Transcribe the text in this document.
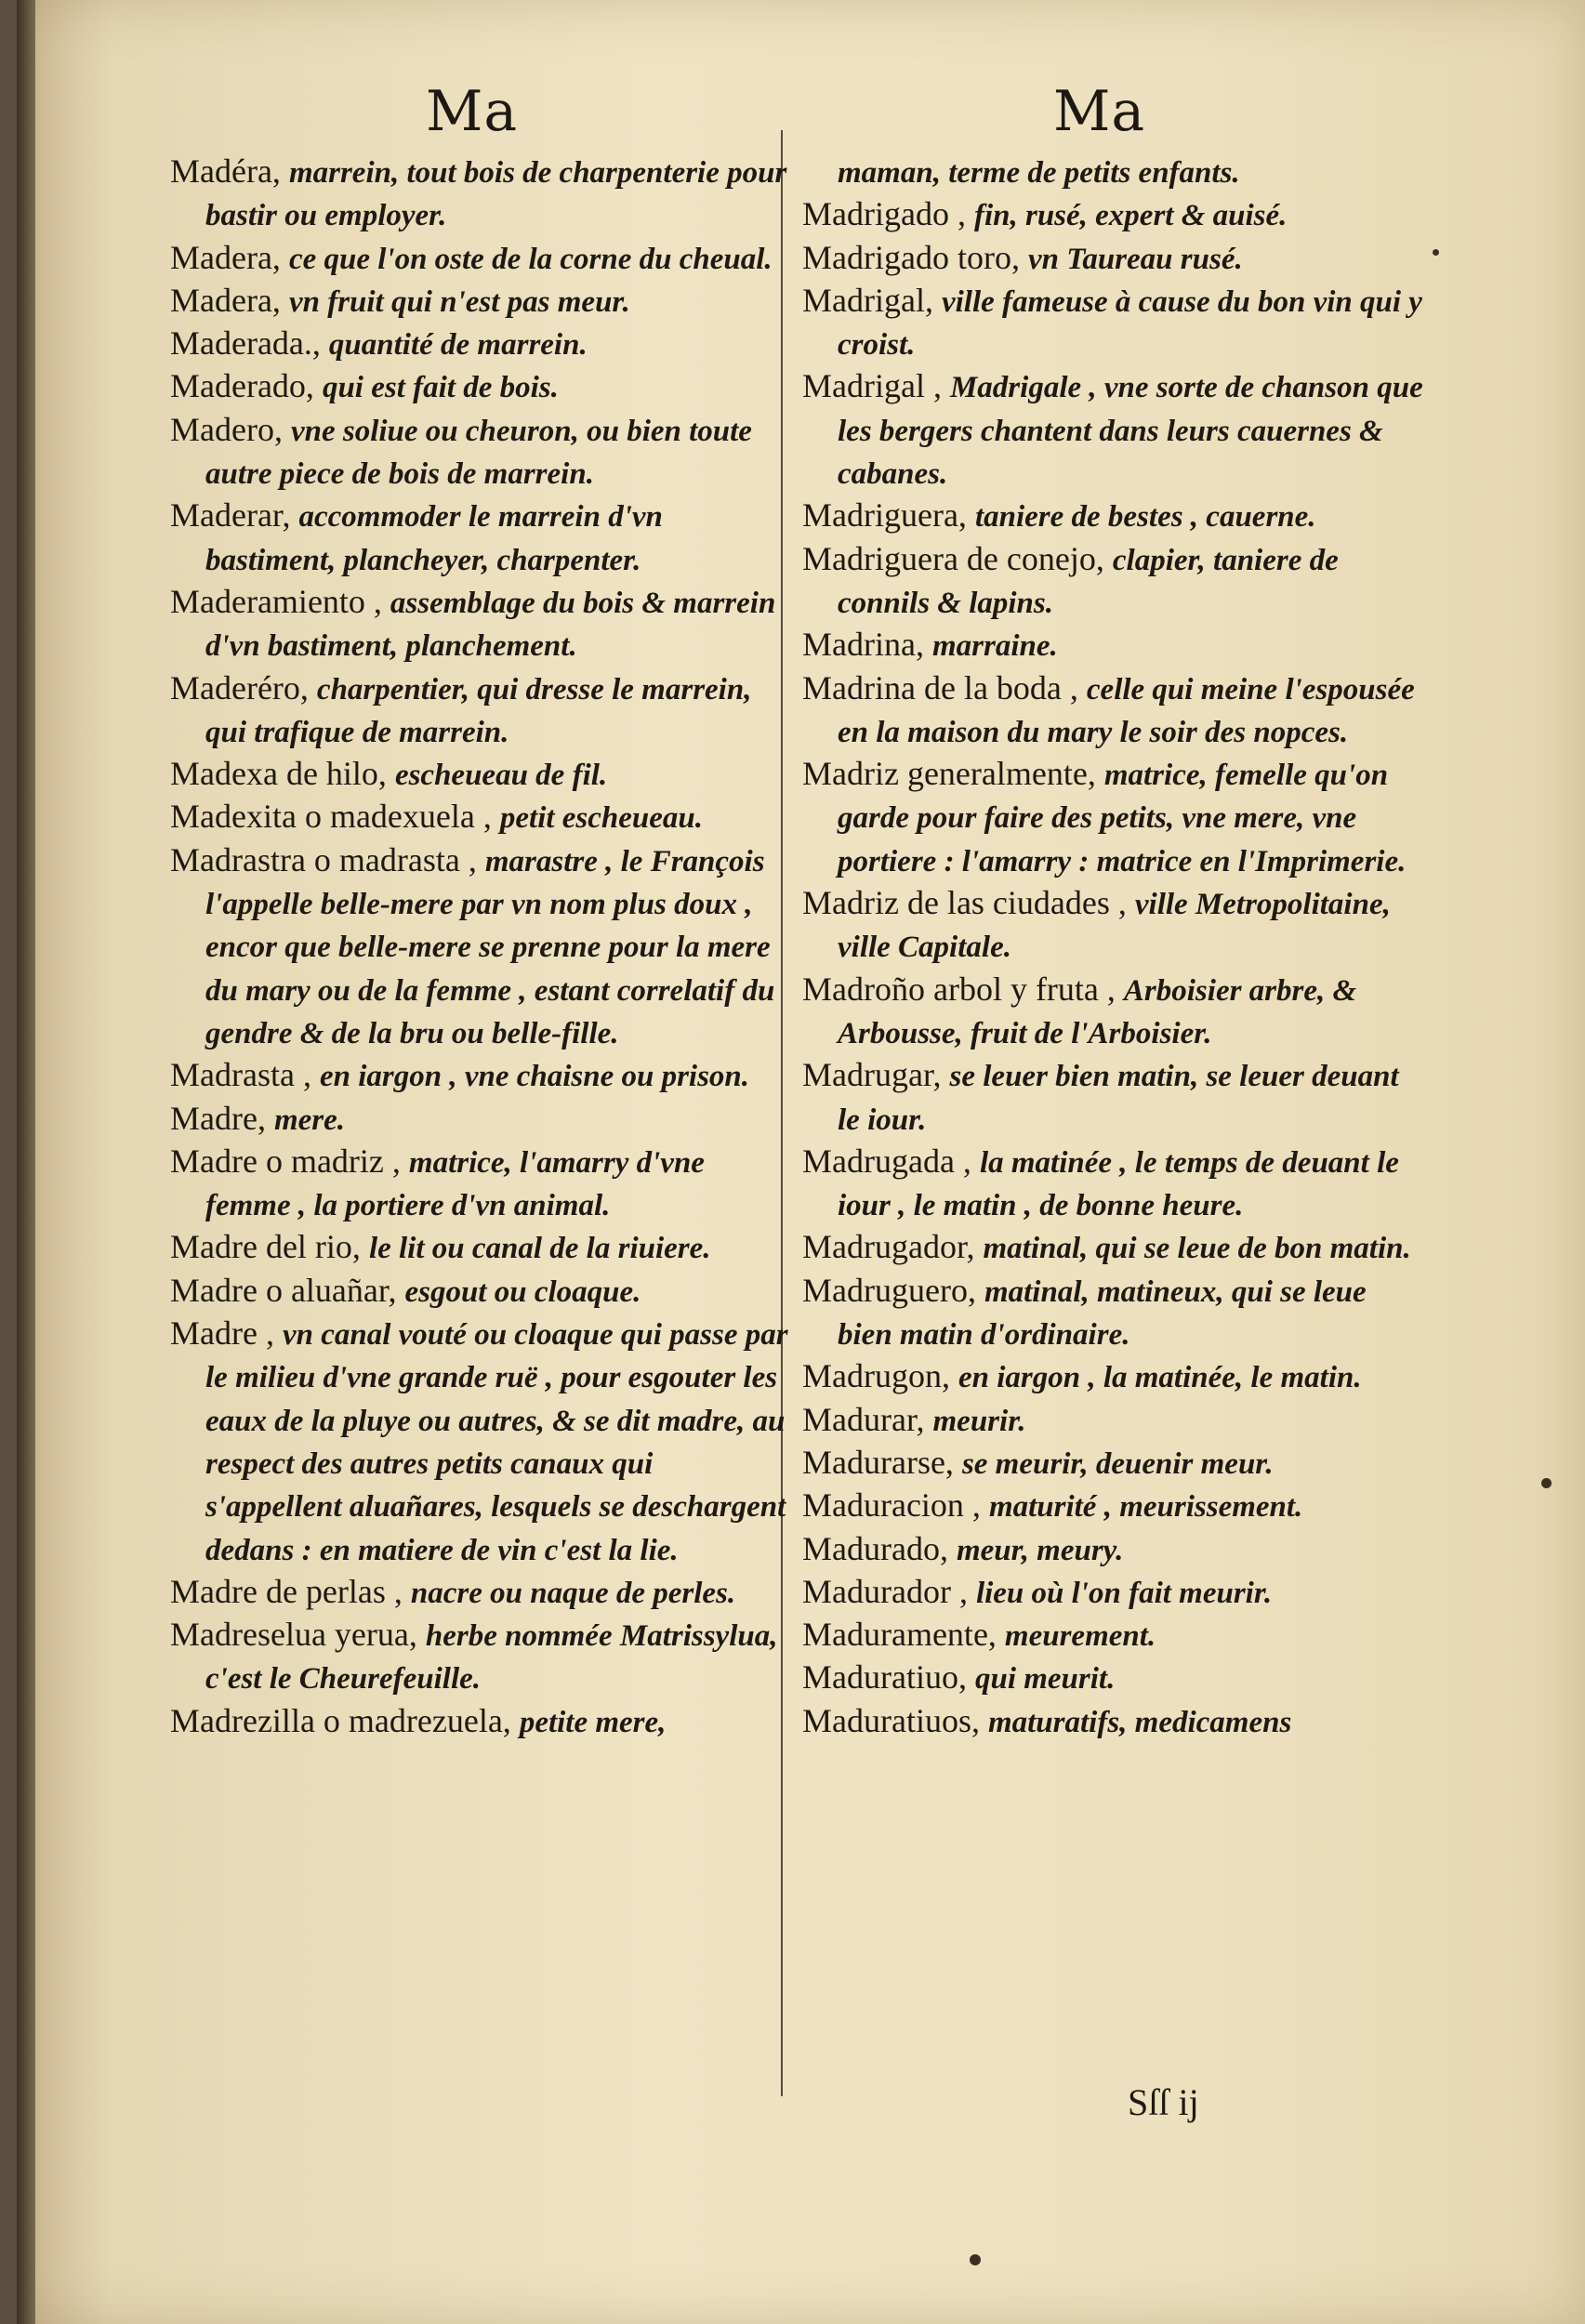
Ma	Ma

Madéra, marrein, tout bois de charpenterie pour bastir ou employer.

Madera, ce que l'on oste de la corne du cheual.

Madera, vn fruit qui n'est pas meur.

Maderada., quantité de marrein.

Maderado, qui est fait de bois.

Madero, vne soliue ou cheuron, ou bien toute autre piece de bois de marrein.

Maderar, accommoder le marrein d'vn bastiment, plancheyer, charpenter.

Maderamiento , assemblage du bois & marrein d'vn bastiment, planchement.

Maderéro, charpentier, qui dresse le marrein, qui trafique de marrein.

Madexa de hilo, escheueau de fil.

Madexita o madexuela , petit escheueau.

Madrastra o madrasta , marastre , le François l'appelle belle-mere par vn nom plus doux , encor que belle-mere se prenne pour la mere du mary ou de la femme , estant correlatif du gendre & de la bru ou belle-fille.

Madrasta , en iargon , vne chaisne ou prison.

Madre, mere.

Madre o madriz , matrice, l'amarry d'vne femme , la portiere d'vn animal.

Madre del rio, le lit ou canal de la riuiere.

Madre o aluañar, esgout ou cloaque.

Madre , vn canal vouté ou cloaque qui passe par le milieu d'vne grande ruë , pour esgouter les eaux de la pluye ou autres, & se dit madre, au respect des autres petits canaux qui s'appellent aluañares, lesquels se deschargent dedans : en matiere de vin c'est la lie.

Madre de perlas , nacre ou naque de perles.

Madreselua yerua, herbe nommée Matrissylua, c'est le Cheurefeuille.

Madrezilla o madrezuela, petite mere,

maman, terme de petits enfants.

Madrigado , fin, rusé, expert & auisé.

Madrigado toro, vn Taureau rusé.

Madrigal, ville fameuse à cause du bon vin qui y croist.

Madrigal , Madrigale , vne sorte de chanson que les bergers chantent dans leurs cauernes & cabanes.

Madriguera, taniere de bestes , cauerne.

Madriguera de conejo, clapier, taniere de connils & lapins.

Madrina, marraine.

Madrina de la boda , celle qui meine l'espousée en la maison du mary le soir des nopces.

Madriz generalmente, matrice, femelle qu'on garde pour faire des petits, vne mere, vne portiere : l'amarry : matrice en l'Imprimerie.

Madriz de las ciudades , ville Metropolitaine, ville Capitale.

Madroño arbol y fruta , Arboisier arbre, & Arbousse, fruit de l'Arboisier.

Madrugar, se leuer bien matin, se leuer deuant le iour.

Madrugada , la matinée , le temps de deuant le iour , le matin , de bonne heure.

Madrugador, matinal, qui se leue de bon matin.

Madruguero, matinal, matineux, qui se leue bien matin d'ordinaire.

Madrugon, en iargon , la matinée, le matin.

Madurar, meurir.

Madurarse, se meurir, deuenir meur.

Maduracion , maturité , meurissement.

Madurado, meur, meury.

Madurador , lieu où l'on fait meurir.

Maduramente, meurement.

Maduratiuo, qui meurit.

Maduratiuos, maturatifs, medicamens

Sſſ ij
